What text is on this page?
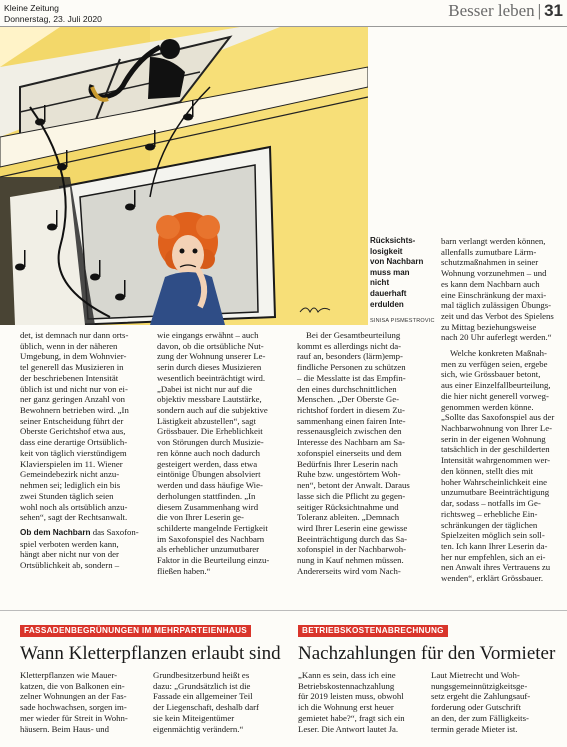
Kleine Zeitung
Donnerstag, 23. Juli 2020	Besser leben | 31
Rücksichts-
losigkeit
von Nachbarn
muss man
nicht
dauerhaft
erdulden
SINISA PISMESTROVIC
barn verlangt werden können,
allenfalls zumutbare Lärm-
schutzmaßnahmen in seiner
Wohnung vorzunehmen – und
es kann dem Nachbarn auch
eine Einschränkung der maxi-
mal täglich zulässigen Übungs-
zeit und das Verbot des Spielens
zu Mittag beziehungsweise
nach 20 Uhr auferlegt werden.“
det, ist demnach nur dann orts-
üblich, wenn in der näheren
Umgebung, in dem Wohnvier-
tel generell das Musizieren in
der beschriebenen Intensität
üblich ist und nicht nur von ei-
ner ganz geringen Anzahl von
Bewohnern betrieben wird. „In
seiner Entscheidung führt der
Oberste Gerichtshof etwa aus,
dass eine derartige Ortsüblich-
keit von täglich vierstündigem
Klavierspielen im 11. Wiener
Gemeindebezirk nicht anzu-
nehmen sei; lediglich ein bis
zwei Stunden täglich seien
wohl noch als ortsüblich anzu-
sehen“, sagt der Rechtsanwalt.
Ob dem Nachbarn das Saxofon-
spiel verboten werden kann,
hängt aber nicht nur von der
Ortsüblichkeit ab, sondern –
wie eingangs erwähnt – auch
davon, ob die ortsübliche Nut-
zung der Wohnung unserer Le-
serin durch dieses Musizieren
wesentlich beeinträchtigt wird.
„Dabei ist nicht nur auf die
objektiv messbare Lautstärke,
sondern auch auf die subjektive
Lästigkeit abzustellen“, sagt
Grössbauer. Die Erheblichkeit
von Störungen durch Musizie-
ren könne auch noch dadurch
gesteigert werden, dass etwa
eintönige Übungen absolviert
werden und dass häufige Wie-
derholungen stattfinden. „In
diesem Zusammenhang wird
die von Ihrer Leserin ge-
schilderte mangelnde Fertigkeit
im Saxofonspiel des Nachbarn
als erheblicher unzumutbarer
Faktor in die Beurteilung einzu-
fließen haben.“
Bei der Gesamtbeurteilung
kommt es allerdings nicht da-
rauf an, besonders (lärm)emp-
findliche Personen zu schützen
– die Messlatte ist das Empfin-
den eines durchschnittlichen
Menschen. „Der Oberste Ge-
richtshof fordert in diesem Zu-
sammenhang einen fairen Inte-
ressenausgleich zwischen den
Interesse des Nachbarn am Sa-
xofonspiel einerseits und dem
Bedürfnis Ihrer Leserin nach
Ruhe bzw. ungestörtem Woh-
nen“, betont der Anwalt. Daraus
lasse sich die Pflicht zu gegen-
seitiger Rücksichtnahme und
Toleranz ableiten. „Demnach
wird Ihrer Leserin eine gewisse
Beeinträchtigung durch das Sa-
xofonspiel in der Nachbarwoh-
nung in Kauf nehmen müssen.
Andererseits wird vom Nach-
Welche konkreten Maßnah-
men zu verfügen seien, ergebe
sich, wie Grössbauer betont,
aus einer Einzelfallbeurteilung,
die hier nicht generell vorweg-
genommen werden könne.
„Sollte das Saxofonspiel aus der
Nachbarwohnung von Ihrer Le-
serin in der eigenen Wohnung
tatsächlich in der geschilderten
Intensität wahrgenommen wer-
den können, stellt dies mit
hoher Wahrscheinlichkeit eine
unzumutbare Beeinträchtigung
dar, sodass – notfalls im Ge-
richtsweg – erhebliche Ein-
schränkungen der täglichen
Spielzeiten möglich sein soll-
ten. Ich kann Ihrer Leserin da-
her nur empfehlen, sich an ei-
nen Anwalt ihres Vertrauens zu
wenden“, erklärt Grössbauer.
FASSADENBEGRÜNUNGEN IM MEHRPARTEIENHAUS
Wann Kletterpflanzen erlaubt sind
Kletterpflanzen wie Mauer-
katzen, die von Balkonen ein-
zelner Wohnungen an der Fas-
sade hochwachsen, sorgen im-
mer wieder für Streit in Wohn-
häusern. Beim Haus- und
Grundbesitzerbund heißt es
dazu: „Grundsätzlich ist die
Fassade ein allgemeiner Teil
der Liegenschaft, deshalb darf
sie kein Miteigentümer
eigenmächtig verändern.“
BETRIEBSKOSTENABRECHNUNG
Nachzahlungen für den Vormieter
„Kann es sein, dass ich eine
Betriebskostennachzahlung
für 2019 leisten muss, obwohl
ich die Wohnung erst heuer
gemietet habe?“, fragt sich ein
Leser. Die Antwort lautet Ja.
Laut Mietrecht und Woh-
nungsgemeinnützigkeitsge-
setz ergeht die Zahlungsauf-
forderung oder Gutschrift
an den, der zum Fälligkeits-
termin gerade Mieter ist.
